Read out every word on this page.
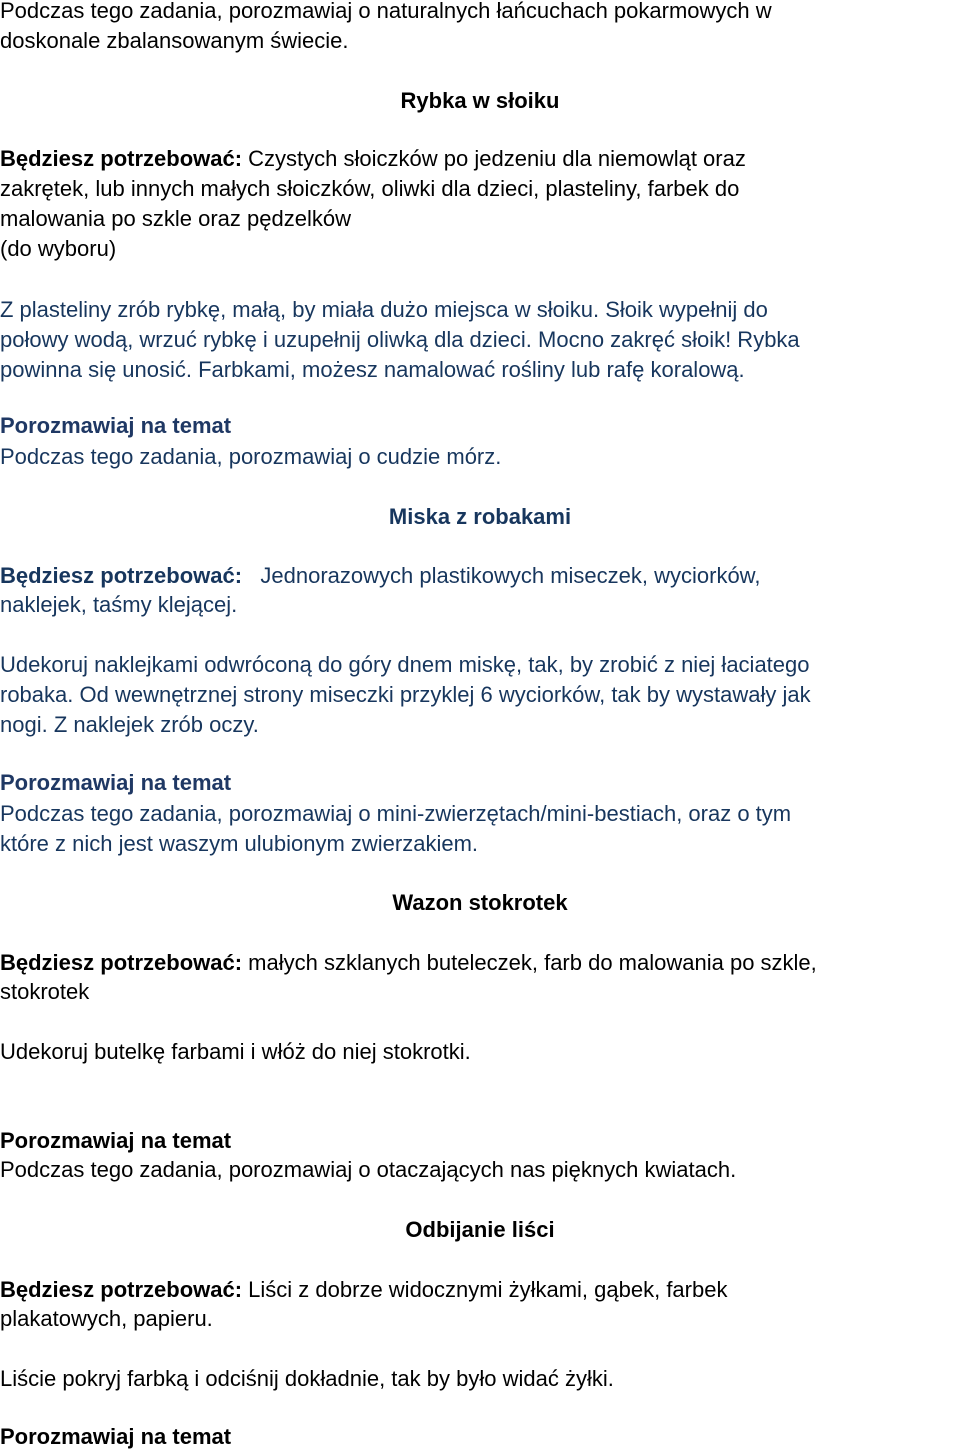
Podczas tego zadania, porozmawiaj o naturalnych łańcuchach pokarmowych w

doskonale zbalansowanym świecie.

Rybka w słoiku

Będziesz potrzebować: Czystych słoiczków po jedzeniu dla niemowląt oraz

zakrętek, lub innych małych słoiczków, oliwki dla dzieci, plasteliny, farbek do

malowania po szkle oraz pędzelków

(do wyboru)

Z plasteliny zrób rybkę, małą, by miała dużo miejsca w słoiku. Słoik wypełnij do

połowy wodą, wrzuć rybkę i uzupełnij oliwką dla dzieci. Mocno zakręć słoik! Rybka

powinna się unosić. Farbkami, możesz namalować rośliny lub rafę koralową.

Porozmawiaj na temat

Podczas tego zadania, porozmawiaj o cudzie mórz.

Miska z robakami

Będziesz potrzebować: Jednorazowych plastikowych miseczek, wyciorków,

naklejek, taśmy klejącej.

Udekoruj naklejkami odwróconą do góry dnem miskę, tak, by zrobić z niej łaciatego

robaka. Od wewnętrznej strony miseczki przyklej 6 wyciorków, tak by wystawały jak

nogi. Z naklejek zrób oczy.

Porozmawiaj na temat

Podczas tego zadania, porozmawiaj o mini-zwierzętach/mini-bestiach, oraz o tym

które z nich jest waszym ulubionym zwierzakiem.

Wazon stokrotek

Będziesz potrzebować: małych szklanych buteleczek, farb do malowania po szkle,

stokrotek

Udekoruj butelkę farbami i włóż do niej stokrotki.

Porozmawiaj na temat

Podczas tego zadania, porozmawiaj o otaczających nas pięknych kwiatach.

Odbijanie liści

Będziesz potrzebować: Liści z dobrze widocznymi żyłkami, gąbek, farbek

plakatowych, papieru.

Liście pokryj farbką i odciśnij dokładnie, tak by było widać żyłki.

Porozmawiaj na temat
